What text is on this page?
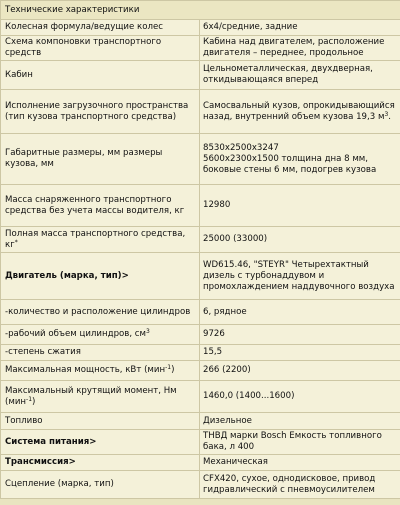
Технические характеристики	
Колесная формула/ведущие колес	6x4/средние, задние
Схема компоновки транспортного средств	Кабина над двигателем, расположение двигателя – переднее, продольное
Кабин	Цельнометаллическая, двухдверная, откидывающаяся вперед
Исполнение загрузочного пространства (тип кузова транспортного средства)	Самосвальный кузов, опрокидывающийся назад, внутренний объем кузова 19,3 $м^3$.
Габаритные размеры, мм размеры кузова, мм	8530x2500x3247
5600x2300x1500 толщина дна 8 мм, боковые стены 6 мм, подогрев кузова

Масса снаряженного транспортного средства без учета массы водителя, кг	12980
Полная масса транспортного средства, кг*	25000 (33000)
Двигатель (марка, тип)>	WD615.46, "STEYR" Четырехтактный дизель с турбонаддувом и промохлаждением наддувочного воздуха
-количество и расположение цилиндров	6, рядное
-рабочий объем цилиндров, $см^3$	9726
-степень сжатия	15,5
Максимальная мощность, кВт (мин$^{-1}$)	266 (2200)
Максимальный крутящий момент, Нм (мин$^{-1}$)	1460,0 (1400...1600)
Топливо	Дизельное
Система питания>	ТНВД марки Bosch Емкость топливного бака, л 400
Трансмиссия>	Механическая
Сцепление (марка, тип)	CFX420, сухое, однодисковое, привод гидравлический с пневмоусилителем
